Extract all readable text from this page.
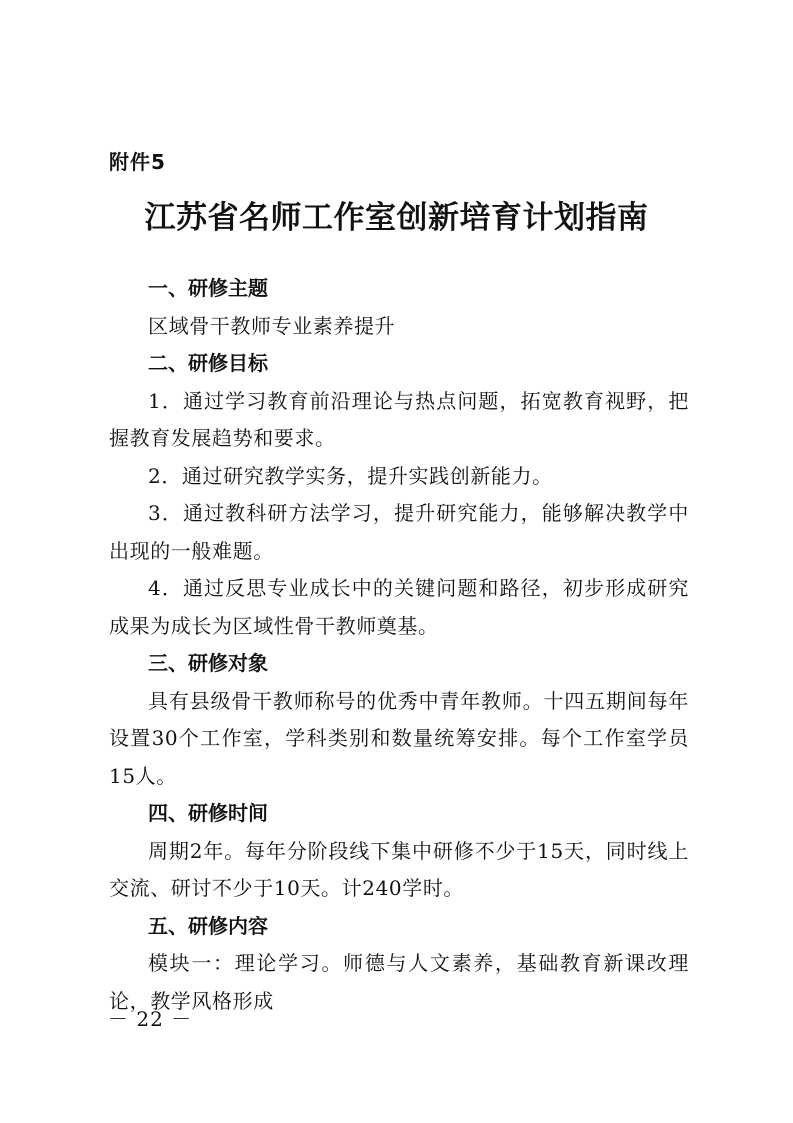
附件5
江苏省名师工作室创新培育计划指南

一、研修主题

区域骨干教师专业素养提升

二、研修目标

1．通过学习教育前沿理论与热点问题，拓宽教育视野，把握教育发展趋势和要求。

2．通过研究教学实务，提升实践创新能力。

3．通过教科研方法学习，提升研究能力，能够解决教学中出现的一般难题。

4．通过反思专业成长中的关键问题和路径，初步形成研究成果为成长为区域性骨干教师奠基。

三、研修对象

具有县级骨干教师称号的优秀中青年教师。十四五期间每年设置30个工作室，学科类别和数量统筹安排。每个工作室学员15人。

四、研修时间

周期2年。每年分阶段线下集中研修不少于15天，同时线上交流、研讨不少于10天。计240学时。

五、研修内容

模块一：理论学习。师德与人文素养，基础教育新课改理论，教学风格形成

－ 22 －
